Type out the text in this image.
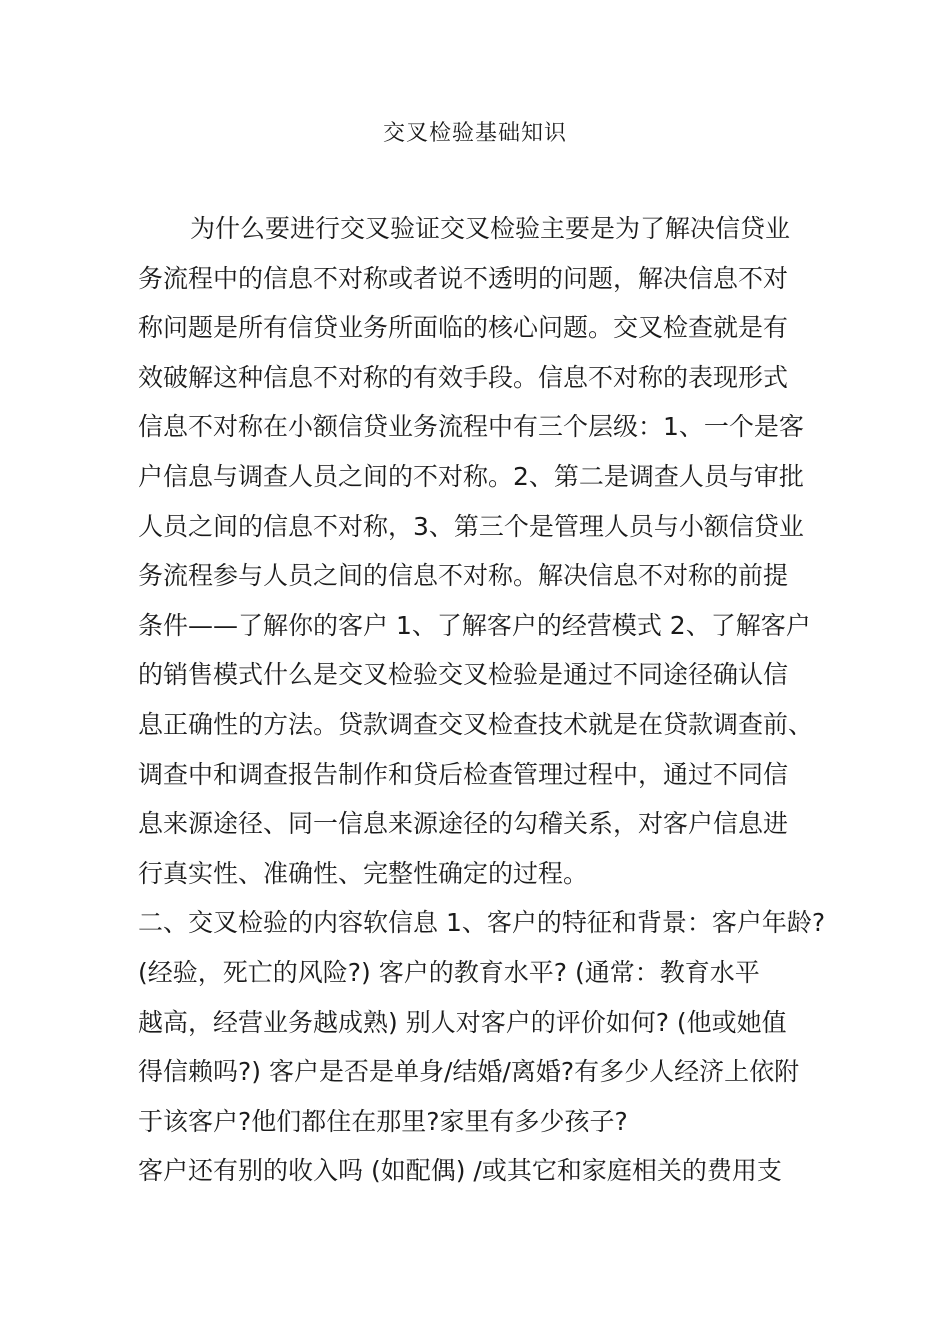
交叉检验基础知识
为什么要进行交叉验证交叉检验主要是为了解决信贷业
务流程中的信息不对称或者说不透明的问题，解决信息不对
称问题是所有信贷业务所面临的核心问题。交叉检查就是有
效破解这种信息不对称的有效手段。信息不对称的表现形式
信息不对称在小额信贷业务流程中有三个层级：1、一个是客
户信息与调查人员之间的不对称。2、第二是调查人员与审批
人员之间的信息不对称，3、第三个是管理人员与小额信贷业
务流程参与人员之间的信息不对称。解决信息不对称的前提
条件——了解你的客户 1、了解客户的经营模式 2、了解客户
的销售模式什么是交叉检验交叉检验是通过不同途径确认信
息正确性的方法。贷款调查交叉检查技术就是在贷款调查前、
调查中和调查报告制作和贷后检查管理过程中，通过不同信
息来源途径、同一信息来源途径的勾稽关系，对客户信息进
行真实性、准确性、完整性确定的过程。
二、交叉检验的内容软信息 1、客户的特征和背景：客户年龄?
(经验，死亡的风险?) 客户的教育水平? (通常：教育水平
越高，经营业务越成熟) 别人对客户的评价如何? (他或她值
得信赖吗?) 客户是否是单身/结婚/离婚?有多少人经济上依附
于该客户?他们都住在那里?家里有多少孩子?
客户还有别的收入吗 (如配偶) /或其它和家庭相关的费用支
